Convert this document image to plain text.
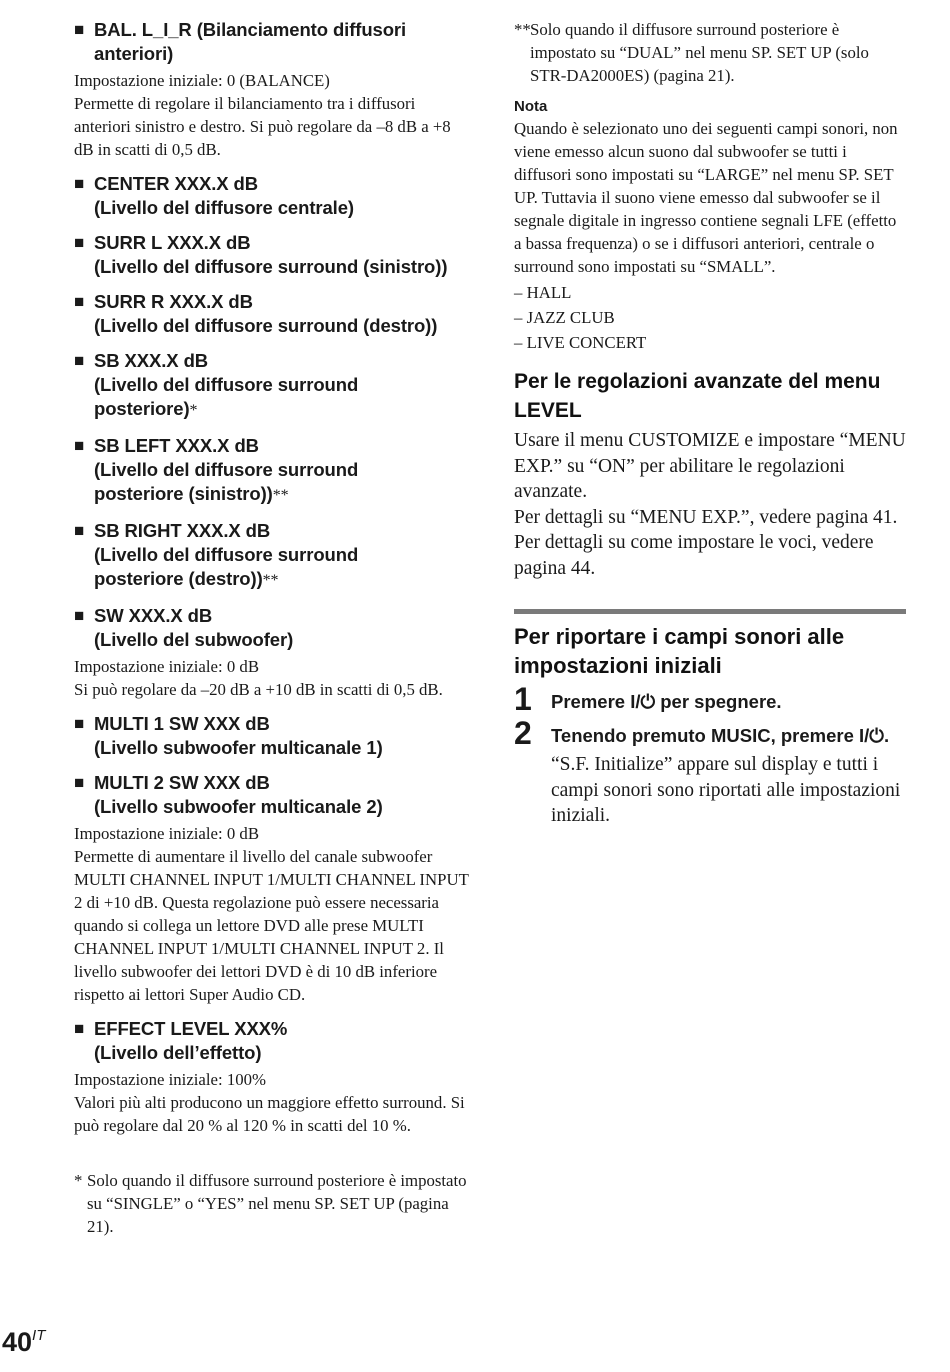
■ BAL. L_I_R (Bilanciamento diffusori
anteriori)

Impostazione iniziale: 0 (BALANCE)

Permette di regolare il bilanciamento tra i diffusori anteriori sinistro e destro. Si può regolare da –8 dB a +8 dB in scatti di 0,5 dB.

■ CENTER XXX.X dB
(Livello del diffusore centrale)
■ SURR L XXX.X dB
(Livello del diffusore surround (sinistro))
■ SURR R XXX.X dB
(Livello del diffusore surround (destro))
■ SB XXX.X dB
(Livello del diffusore surround
posteriore)*
■ SB LEFT XXX.X dB
(Livello del diffusore surround
posteriore (sinistro))**
■ SB RIGHT XXX.X dB
(Livello del diffusore surround
posteriore (destro))**
■ SW XXX.X dB
(Livello del subwoofer)

Impostazione iniziale: 0 dB

Si può regolare da –20 dB a +10 dB in scatti di 0,5 dB.

■ MULTI 1 SW XXX dB
(Livello subwoofer multicanale 1)
■ MULTI 2 SW XXX dB
(Livello subwoofer multicanale 2)

Impostazione iniziale: 0 dB

Permette di aumentare il livello del canale subwoofer MULTI CHANNEL INPUT 1/MULTI CHANNEL INPUT 2 di +10 dB. Questa regolazione può essere necessaria quando si collega un lettore DVD alle prese MULTI CHANNEL INPUT 1/MULTI CHANNEL INPUT 2. Il livello subwoofer dei lettori DVD è di 10 dB inferiore rispetto ai lettori Super Audio CD.

■ EFFECT LEVEL XXX%
(Livello dell’effetto)

Impostazione iniziale: 100%

Valori più alti producono un maggiore effetto surround. Si può regolare dal 20 % al 120 % in scatti del 10 %.

* Solo quando il diffusore surround posteriore è impostato su “SINGLE” o “YES” nel menu SP. SET UP (pagina 21).
** Solo quando il diffusore surround posteriore è impostato su “DUAL” nel menu SP. SET UP (solo STR-DA2000ES) (pagina 21).
Nota

Quando è selezionato uno dei seguenti campi sonori, non viene emesso alcun suono dal subwoofer se tutti i diffusori sono impostati su “LARGE” nel menu SP. SET UP. Tuttavia il suono viene emesso dal subwoofer se il segnale digitale in ingresso contiene segnali LFE (effetto a bassa frequenza) o se i diffusori anteriori, centrale o surround sono impostati su “SMALL”.

– HALL
– JAZZ CLUB
– LIVE CONCERT
Per le regolazioni avanzate del menu LEVEL

Usare il menu CUSTOMIZE e impostare “MENU EXP.” su “ON” per abilitare le regolazioni avanzate.

Per dettagli su “MENU EXP.”, vedere pagina 41. Per dettagli su come impostare le voci, vedere pagina 44.

Per riportare i campi sonori alle impostazioni iniziali
1	Premere I/⏻ per spegnere.
2	Tenendo premuto MUSIC, premere I/⏻.
“S.F. Initialize” appare sul display e tutti i campi sonori sono riportati alle impostazioni iniziali.
$40^{IT}$
